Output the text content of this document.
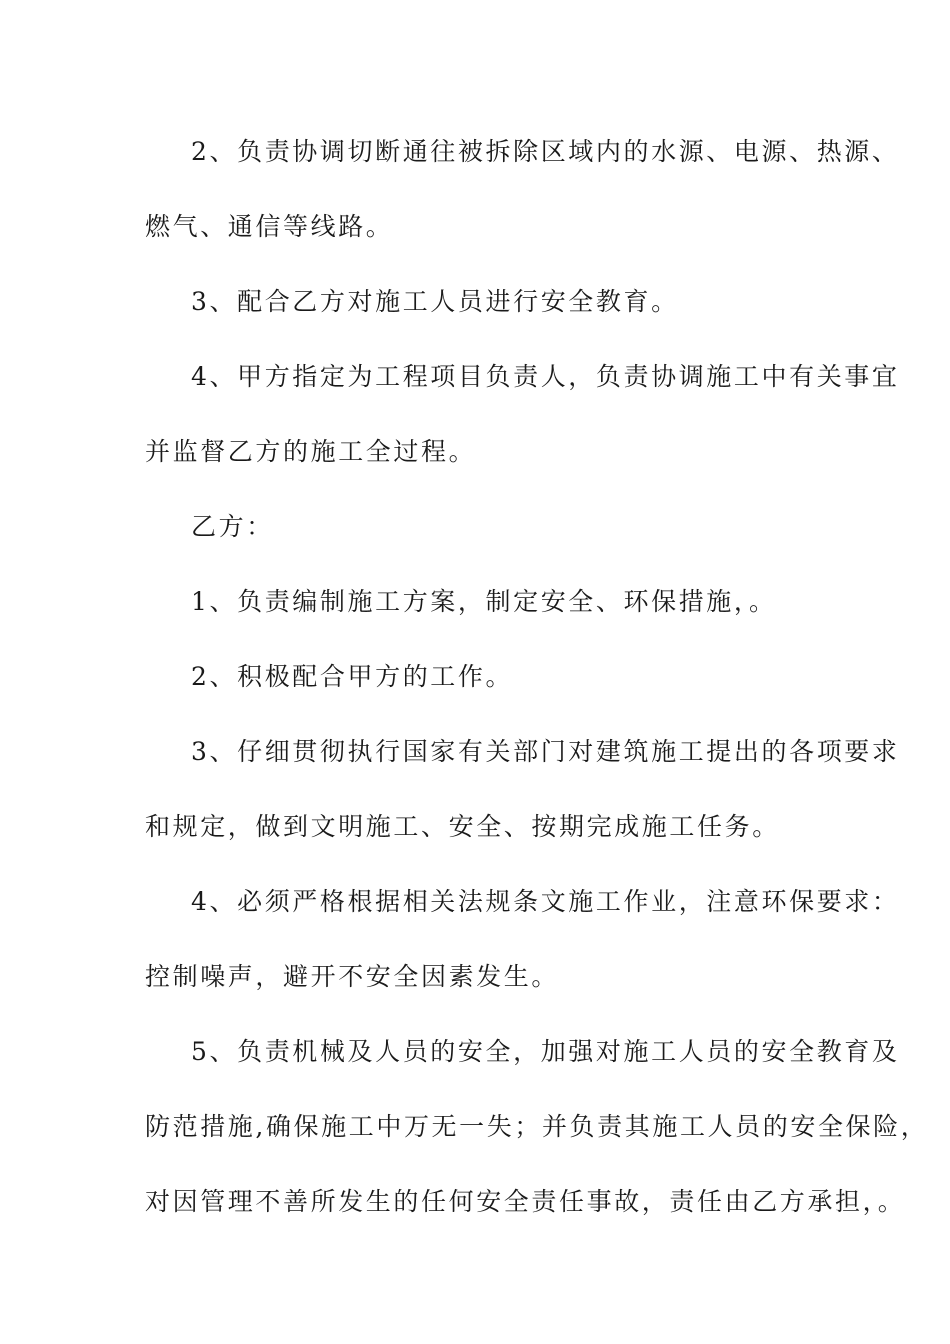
2、负责协调切断通往被拆除区域内的水源、电源、热源、
燃气、通信等线路。
3、配合乙方对施工人员进行安全教育。
4、甲方指定为工程项目负责人，负责协调施工中有关事宜
并监督乙方的施工全过程。
乙方：
1、负责编制施工方案，制定安全、环保措施，。
2、积极配合甲方的工作。
3、仔细贯彻执行国家有关部门对建筑施工提出的各项要求
和规定，做到文明施工、安全、按期完成施工任务。
4、必须严格根据相关法规条文施工作业，注意环保要求：
控制噪声，避开不安全因素发生。
5、负责机械及人员的安全，加强对施工人员的安全教育及
防范措施,确保施工中万无一失；并负责其施工人员的安全保险，
对因管理不善所发生的任何安全责任事故，责任由乙方承担，。
